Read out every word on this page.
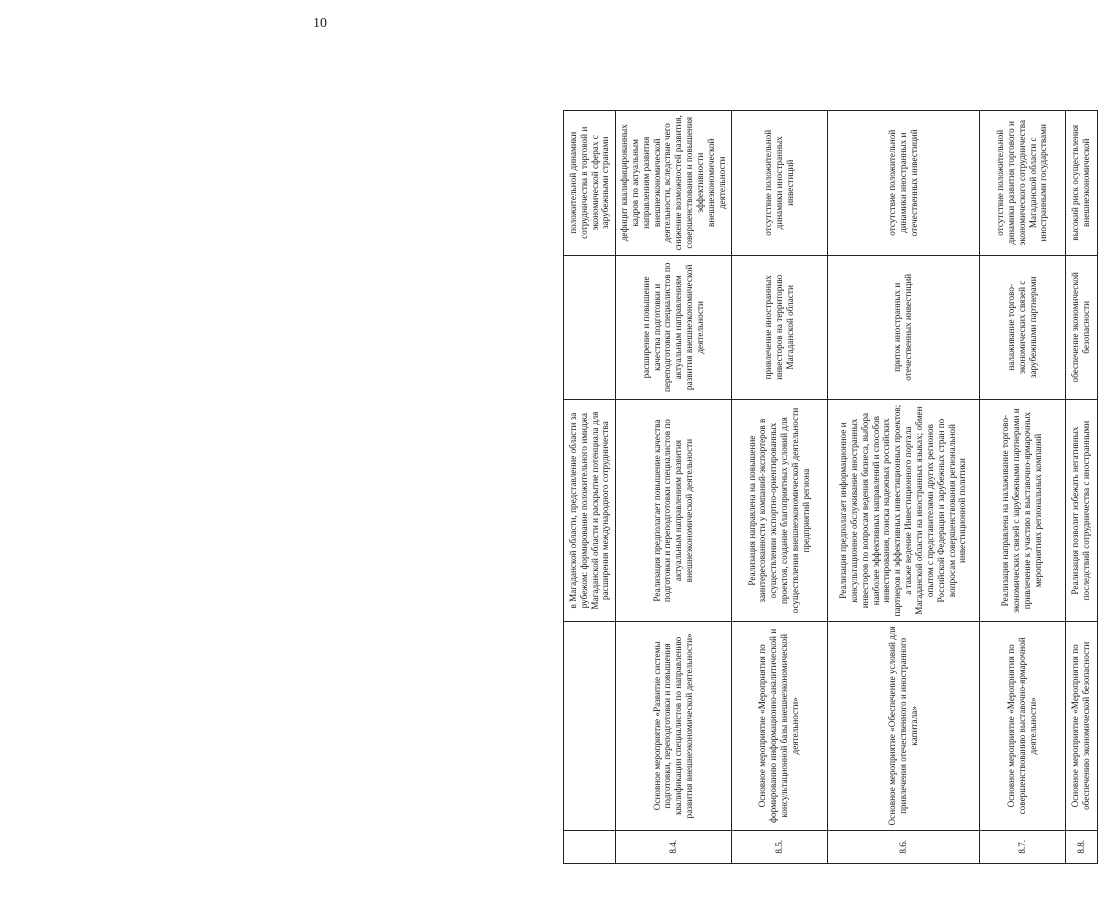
10
		в Магаданской области, представление области за рубежом: формирование положительного имиджа Магаданской области и раскрытие потенциала для расширения международного сотрудничества		положительной динамики сотрудничества в торговой и экономической сферах с зарубежными странами
8.4.	Основное мероприятие «Развитие системы подготовки, переподготовки и повышения квалификации специалистов по направлению развития внешнеэкономической деятельности»	Реализация предполагает повышение качества подготовки и переподготовки специалистов по актуальным направлениям развития внешнеэкономической деятельности	расширение и повышение качества подготовки и переподготовки специалистов по актуальным направлениям развития внешнеэкономической деятельности	дефицит квалифицированных кадров по актуальным направлениям развития внешнеэкономической деятельности, вследствие чего снижение возможностей развития, совершенствования и повышения эффективности внешнеэкономической деятельности
8.5.	Основное мероприятие «Мероприятия по формированию информационно-аналитической и консультационной базы внешнеэкономической деятельности»	Реализация направлена на повышение заинтересованности у компаний-экспортеров в осуществлении экспортно-ориентированных проектов, создание благоприятных условий для осуществления внешнеэкономической деятельности предприятий региона	привлечение иностранных инвесторов на территорию Магаданской области	отсутствие положительной динамики иностранных инвестиций
8.6.	Основное мероприятие «Обеспечение условий для привлечения отечественного и иностранного капитала»	Реализация предполагает информационное и консультационное обслуживание иностранных инвесторов по вопросам ведения бизнеса, выбора наиболее эффективных направлений и способов инвестирования, поиска надежных российских партнеров и эффективных инвестиционных проектов; а также ведение Инвестиционного портала Магаданской области на иностранных языках; обмен опытом с представителями других регионов Российской Федерации и зарубежных стран по вопросам совершенствования региональной инвестиционной политики	приток иностранных и отечественных инвестиций	отсутствие положительной динамики иностранных и отечественных инвестиций
8.7.	Основное мероприятие «Мероприятия по совершенствованию выставочно-ярмарочной деятельности»	Реализация направлена на налаживание торгово-экономических связей с зарубежными партнерами и привлечение к участию в выставочно-ярмарочных мероприятиях региональных компаний	налаживание торгово-экономических связей с зарубежными партнерами	отсутствие положительной динамики развития торгового и экономического сотрудничества Магаданской области с иностранными государствами
8.8.	Основное мероприятие «Мероприятия по обеспечению экономической безопасности	Реализация позволит избежать негативных последствий сотрудничества с иностранными	обеспечение экономической безопасности	высокий риск осуществления внешнеэкономической
